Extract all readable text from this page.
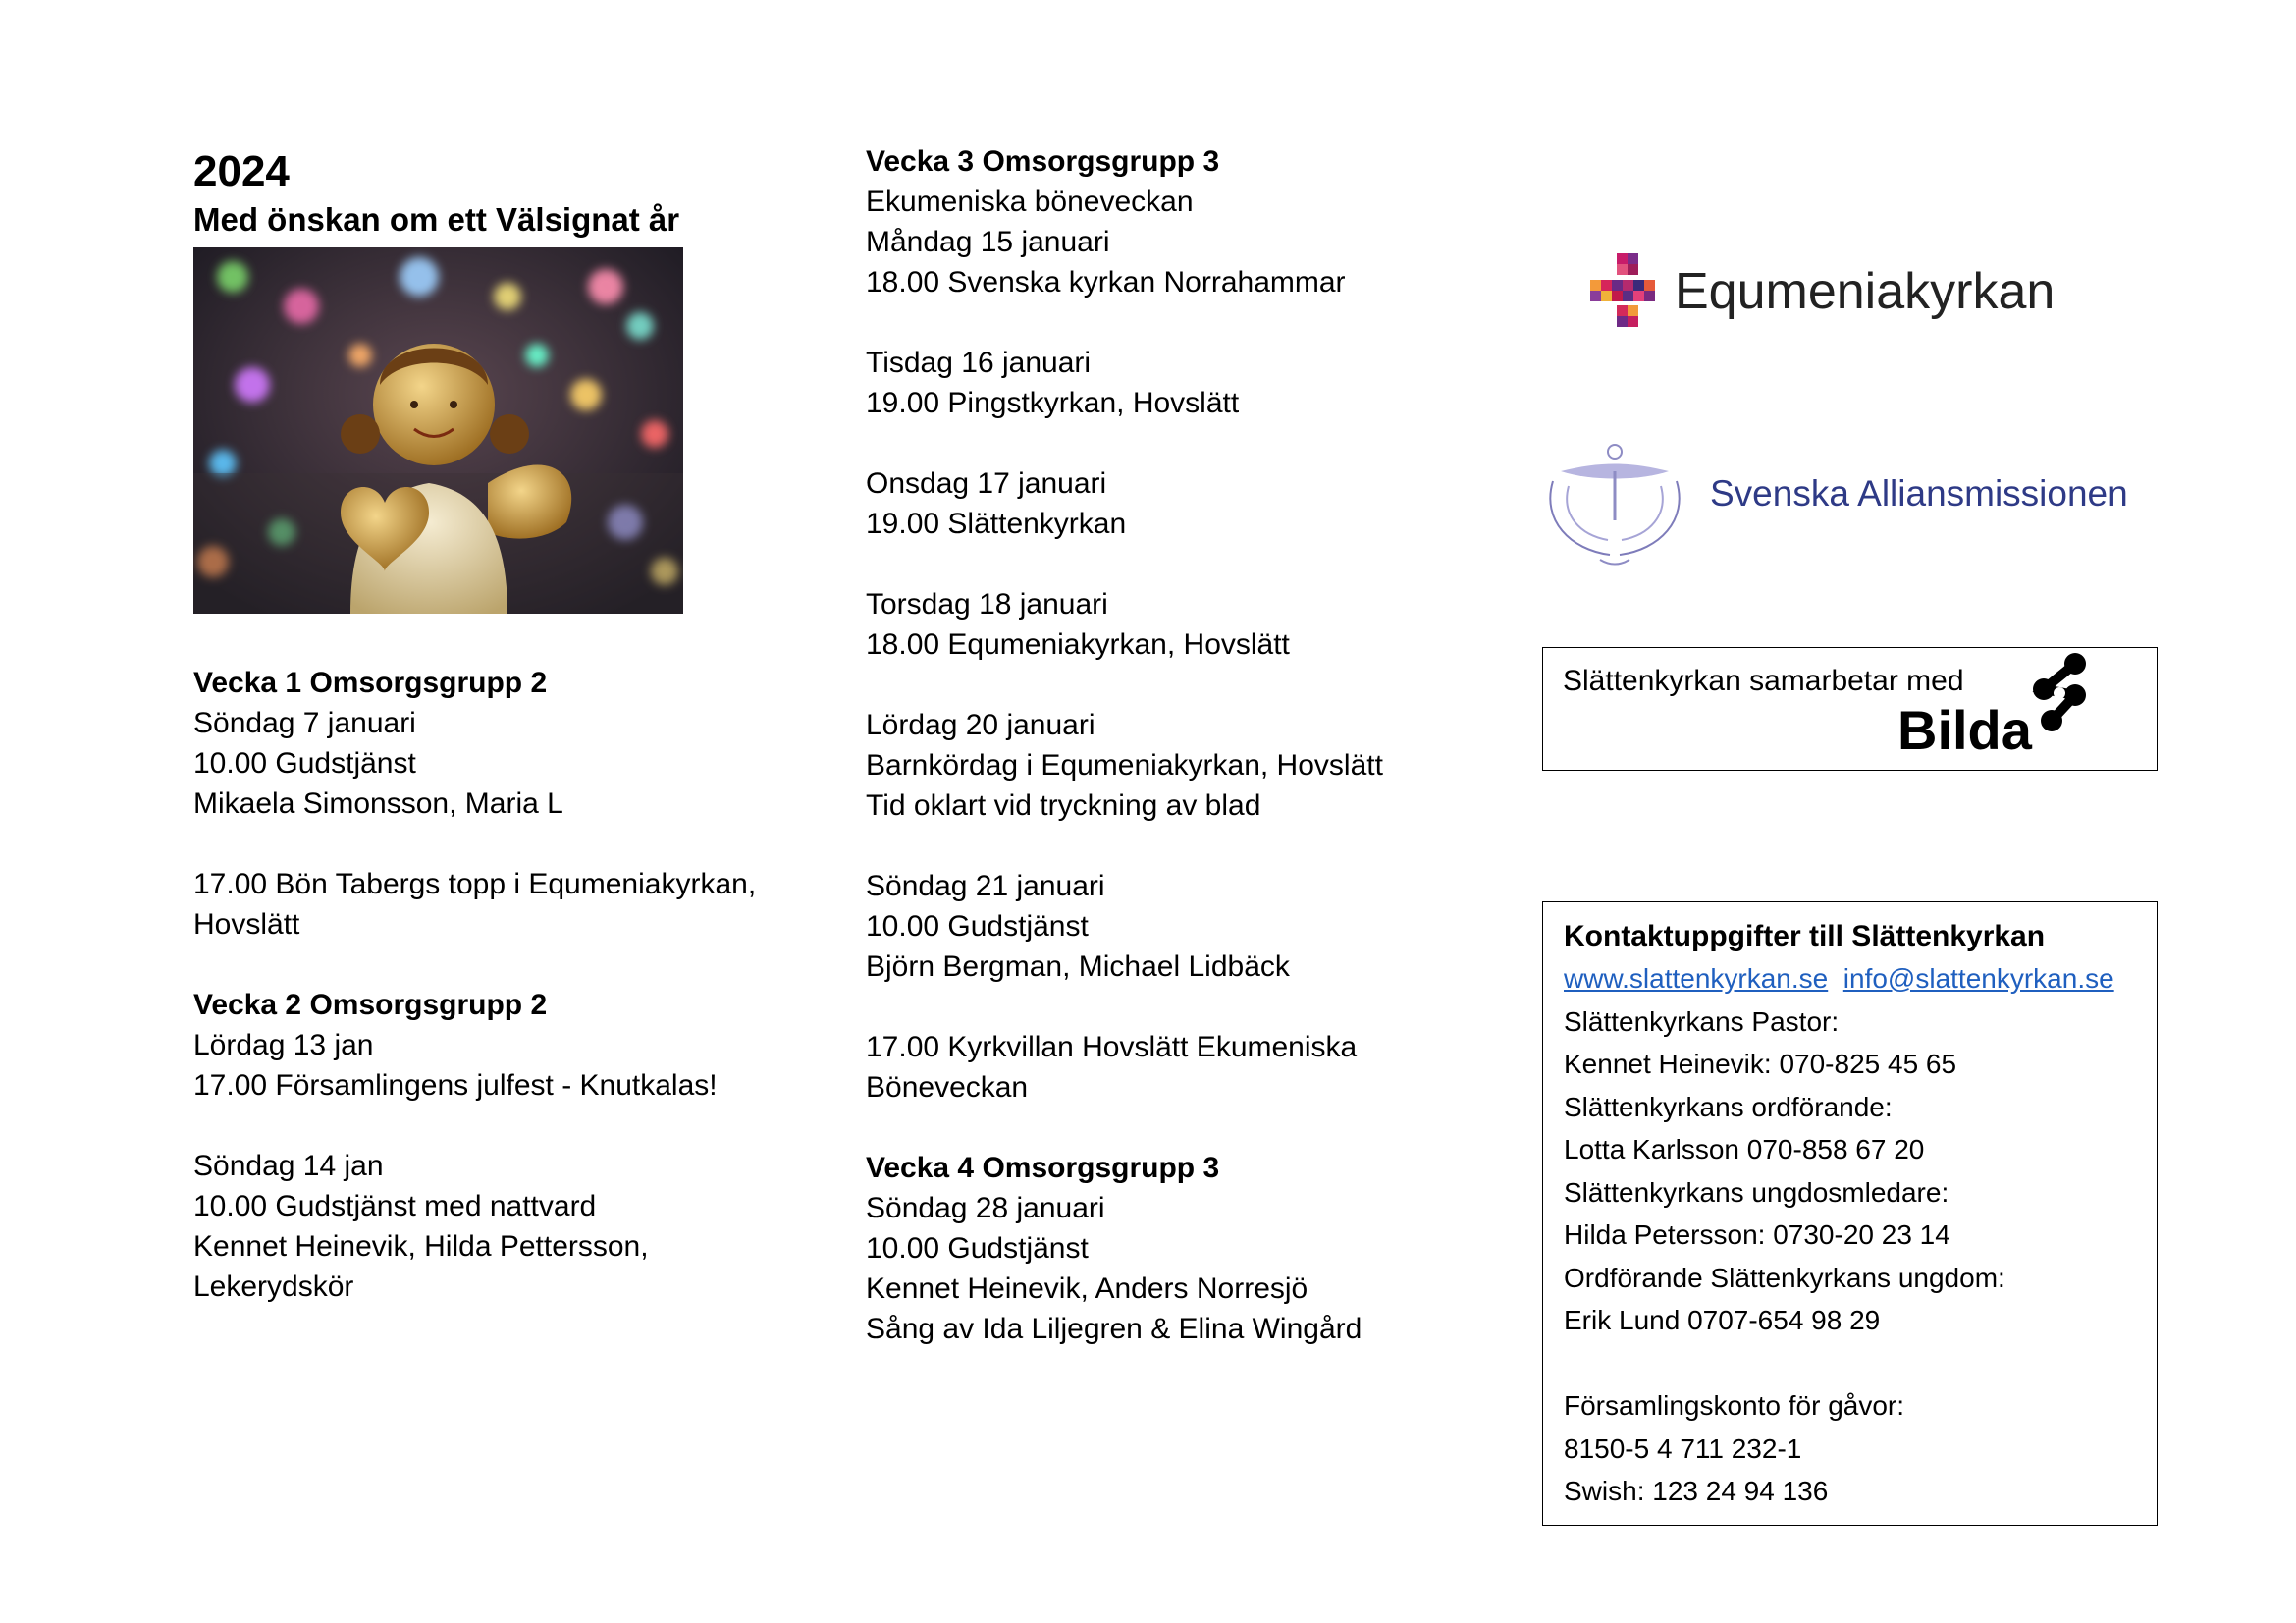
2024

Med önskan om ett Välsignat år

Vecka 1 Omsorgsgrupp 2

Söndag 7 januari

10.00 Gudstjänst

Mikaela Simonsson, Maria L

17.00 Bön Tabergs topp i Equmeniakyrkan,

Hovslätt

Vecka 2 Omsorgsgrupp 2

Lördag 13 jan

17.00 Församlingens julfest - Knutkalas!

Söndag 14 jan

10.00 Gudstjänst med nattvard

Kennet Heinevik, Hilda Pettersson,

Lekerydskör

Vecka 3 Omsorgsgrupp 3

Ekumeniska böneveckan

Måndag 15 januari

18.00 Svenska kyrkan Norrahammar

Tisdag 16 januari

19.00 Pingstkyrkan, Hovslätt

Onsdag 17 januari

19.00 Slättenkyrkan

Torsdag 18 januari

18.00 Equmeniakyrkan, Hovslätt

Lördag 20 januari

Barnkördag i Equmeniakyrkan, Hovslätt

Tid oklart vid tryckning av blad

Söndag 21 januari

10.00 Gudstjänst

Björn Bergman, Michael Lidbäck

17.00 Kyrkvillan Hovslätt Ekumeniska

Böneveckan

Vecka 4 Omsorgsgrupp 3

Söndag 28 januari

10.00 Gudstjänst

Kennet Heinevik, Anders Norresjö

Sång av Ida Liljegren & Elina Wingård

Equmeniakyrkan
Svenska Alliansmissionen
Slättenkyrkan samarbetar med
Bilda

Kontaktuppgifter till Slättenkyrkan

www.slattenkyrkan.se info@slattenkyrkan.se

Slättenkyrkans Pastor:

Kennet Heinevik: 070-825 45 65

Slättenkyrkans ordförande:

Lotta Karlsson 070-858 67 20

Slättenkyrkans ungdosmledare:

Hilda Petersson: 0730-20 23 14

Ordförande Slättenkyrkans ungdom:

Erik Lund 0707-654 98 29

Församlingskonto för gåvor:

8150-5 4 711 232-1

Swish: 123 24 94 136
